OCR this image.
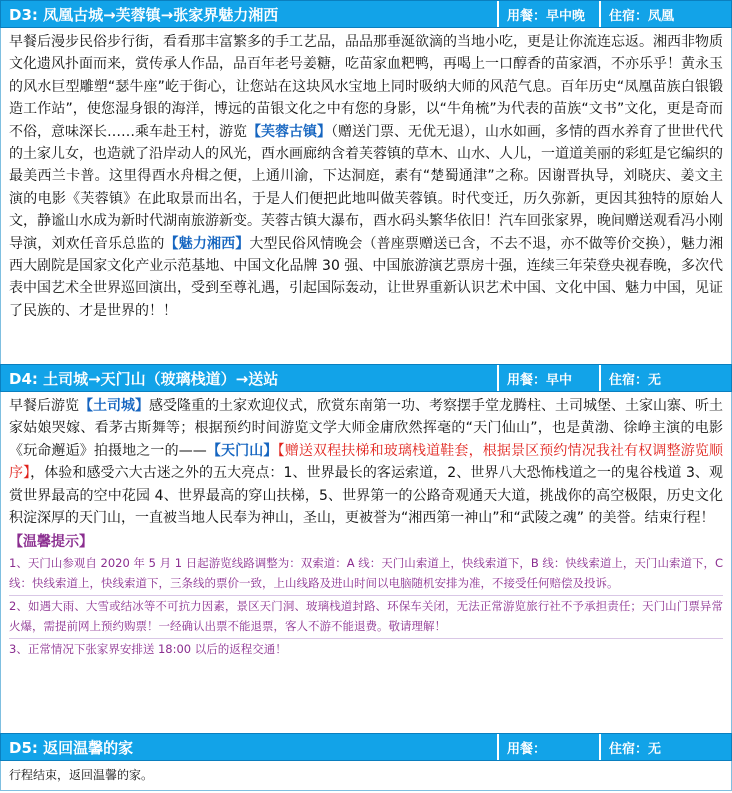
D3: 凤凰古城→芙蓉镇→张家界魅力湘西	用餐：早中晚	住宿：凤凰
早餐后漫步民俗步行街，看看那丰富繁多的手工艺品，品品那垂涎欲滴的当地小吃，更是让你流连忘返。湘西非物质文化遗风扑面而来，赏传承人作品，品百年老号姜糖，吃苗家血粑鸭，再喝上一口醇香的苗家酒，不亦乐乎！黄永玉的风水巨型雕塑“瑟牛座”屹于街心，让您站在这块风水宝地上同时吸纳大师的风范气息。百年历史“凤凰苗族白银锻造工作站”，使您湿身银的海洋，博远的苗银文化之中有您的身影，以“牛角梳”为代表的苗族“文书”文化，更是奇而不俗，意味深长……乘车赴王村，游览【芙蓉古镇】（赠送门票、无优无退），山水如画，多情的酉水养育了世世代代的土家儿女，也造就了沿岸动人的风光，酉水画廊纳含着芙蓉镇的草木、山水、人儿，一道道美丽的彩虹是它编织的最美西兰卡普。这里得酉水舟楫之便，上通川渝，下达洞庭，素有“楚蜀通津”之称。因谢晋执导，刘晓庆、姜文主演的电影《芙蓉镇》在此取景而出名，于是人们便把此地叫做芙蓉镇。时代变迁，历久弥新，更因其独特的原始人文，静谧山水成为新时代湖南旅游新变。芙蓉古镇大瀑布，酉水码头繁华依旧！汽车回张家界，晚间赠送观看冯小刚导演，刘欢任音乐总监的【魅力湘西】大型民俗风情晚会（普座票赠送已含，不去不退，亦不做等价交换），魅力湘西大剧院是国家文化产业示范基地、中国文化品牌 30 强、中国旅游演艺票房十强，连续三年荣登央视春晚，多次代表中国艺术全世界巡回演出，受到至尊礼遇，引起国际轰动，让世界重新认识艺术中国、文化中国、魅力中国，见证了民族的、才是世界的！！
D4: 土司城→天门山（玻璃栈道）→送站	用餐：早中	住宿：无
早餐后游览【土司城】感受隆重的土家欢迎仪式，欣赏东南第一功、考察摆手堂龙腾柱、土司城堡、土家山寨、听土家姑娘哭嫁、看茅古斯舞等；根据预约时间游览文学大师金庸欣然挥毫的“天门仙山”，也是黄渤、徐峥主演的电影《玩命邂逅》拍摄地之一的——【天门山】【赠送双程扶梯和玻璃栈道鞋套，根据景区预约情况我社有权调整游览顺序】，体验和感受六大古迷之外的五大亮点：1、世界最长的客运索道，2、世界八大恐怖栈道之一的鬼谷栈道 3、观赏世界最高的空中花园 4、世界最高的穿山扶梯，5、世界第一的公路奇观通天大道，挑战你的高空极限，历史文化积淀深厚的天门山，一直被当地人民奉为神山，圣山，更被誉为“湘西第一神山”和“武陵之魂” 的美誉。结束行程！
【温馨提示】
1、天门山参观自 2020 年 5 月 1 日起游览线路调整为：双索道：A 线：天门山索道上，快线索道下，B 线：快线索道上，天门山索道下，C 线：快线索道上，快线索道下，三条线的票价一致，上山线路及进山时间以电脑随机安排为准，不接受任何赔偿及投诉。
2、如遇大雨、大雪或结冰等不可抗力因素，景区天门洞、玻璃栈道封路、环保车关闭，无法正常游览旅行社不予承担责任；天门山门票异常火爆，需提前网上预约购票！一经确认出票不能退票，客人不游不能退费。敬请理解！
3、正常情况下张家界安排送 18:00 以后的返程交通！
D5: 返回温馨的家	用餐：	住宿：无
行程结束，返回温馨的家。
